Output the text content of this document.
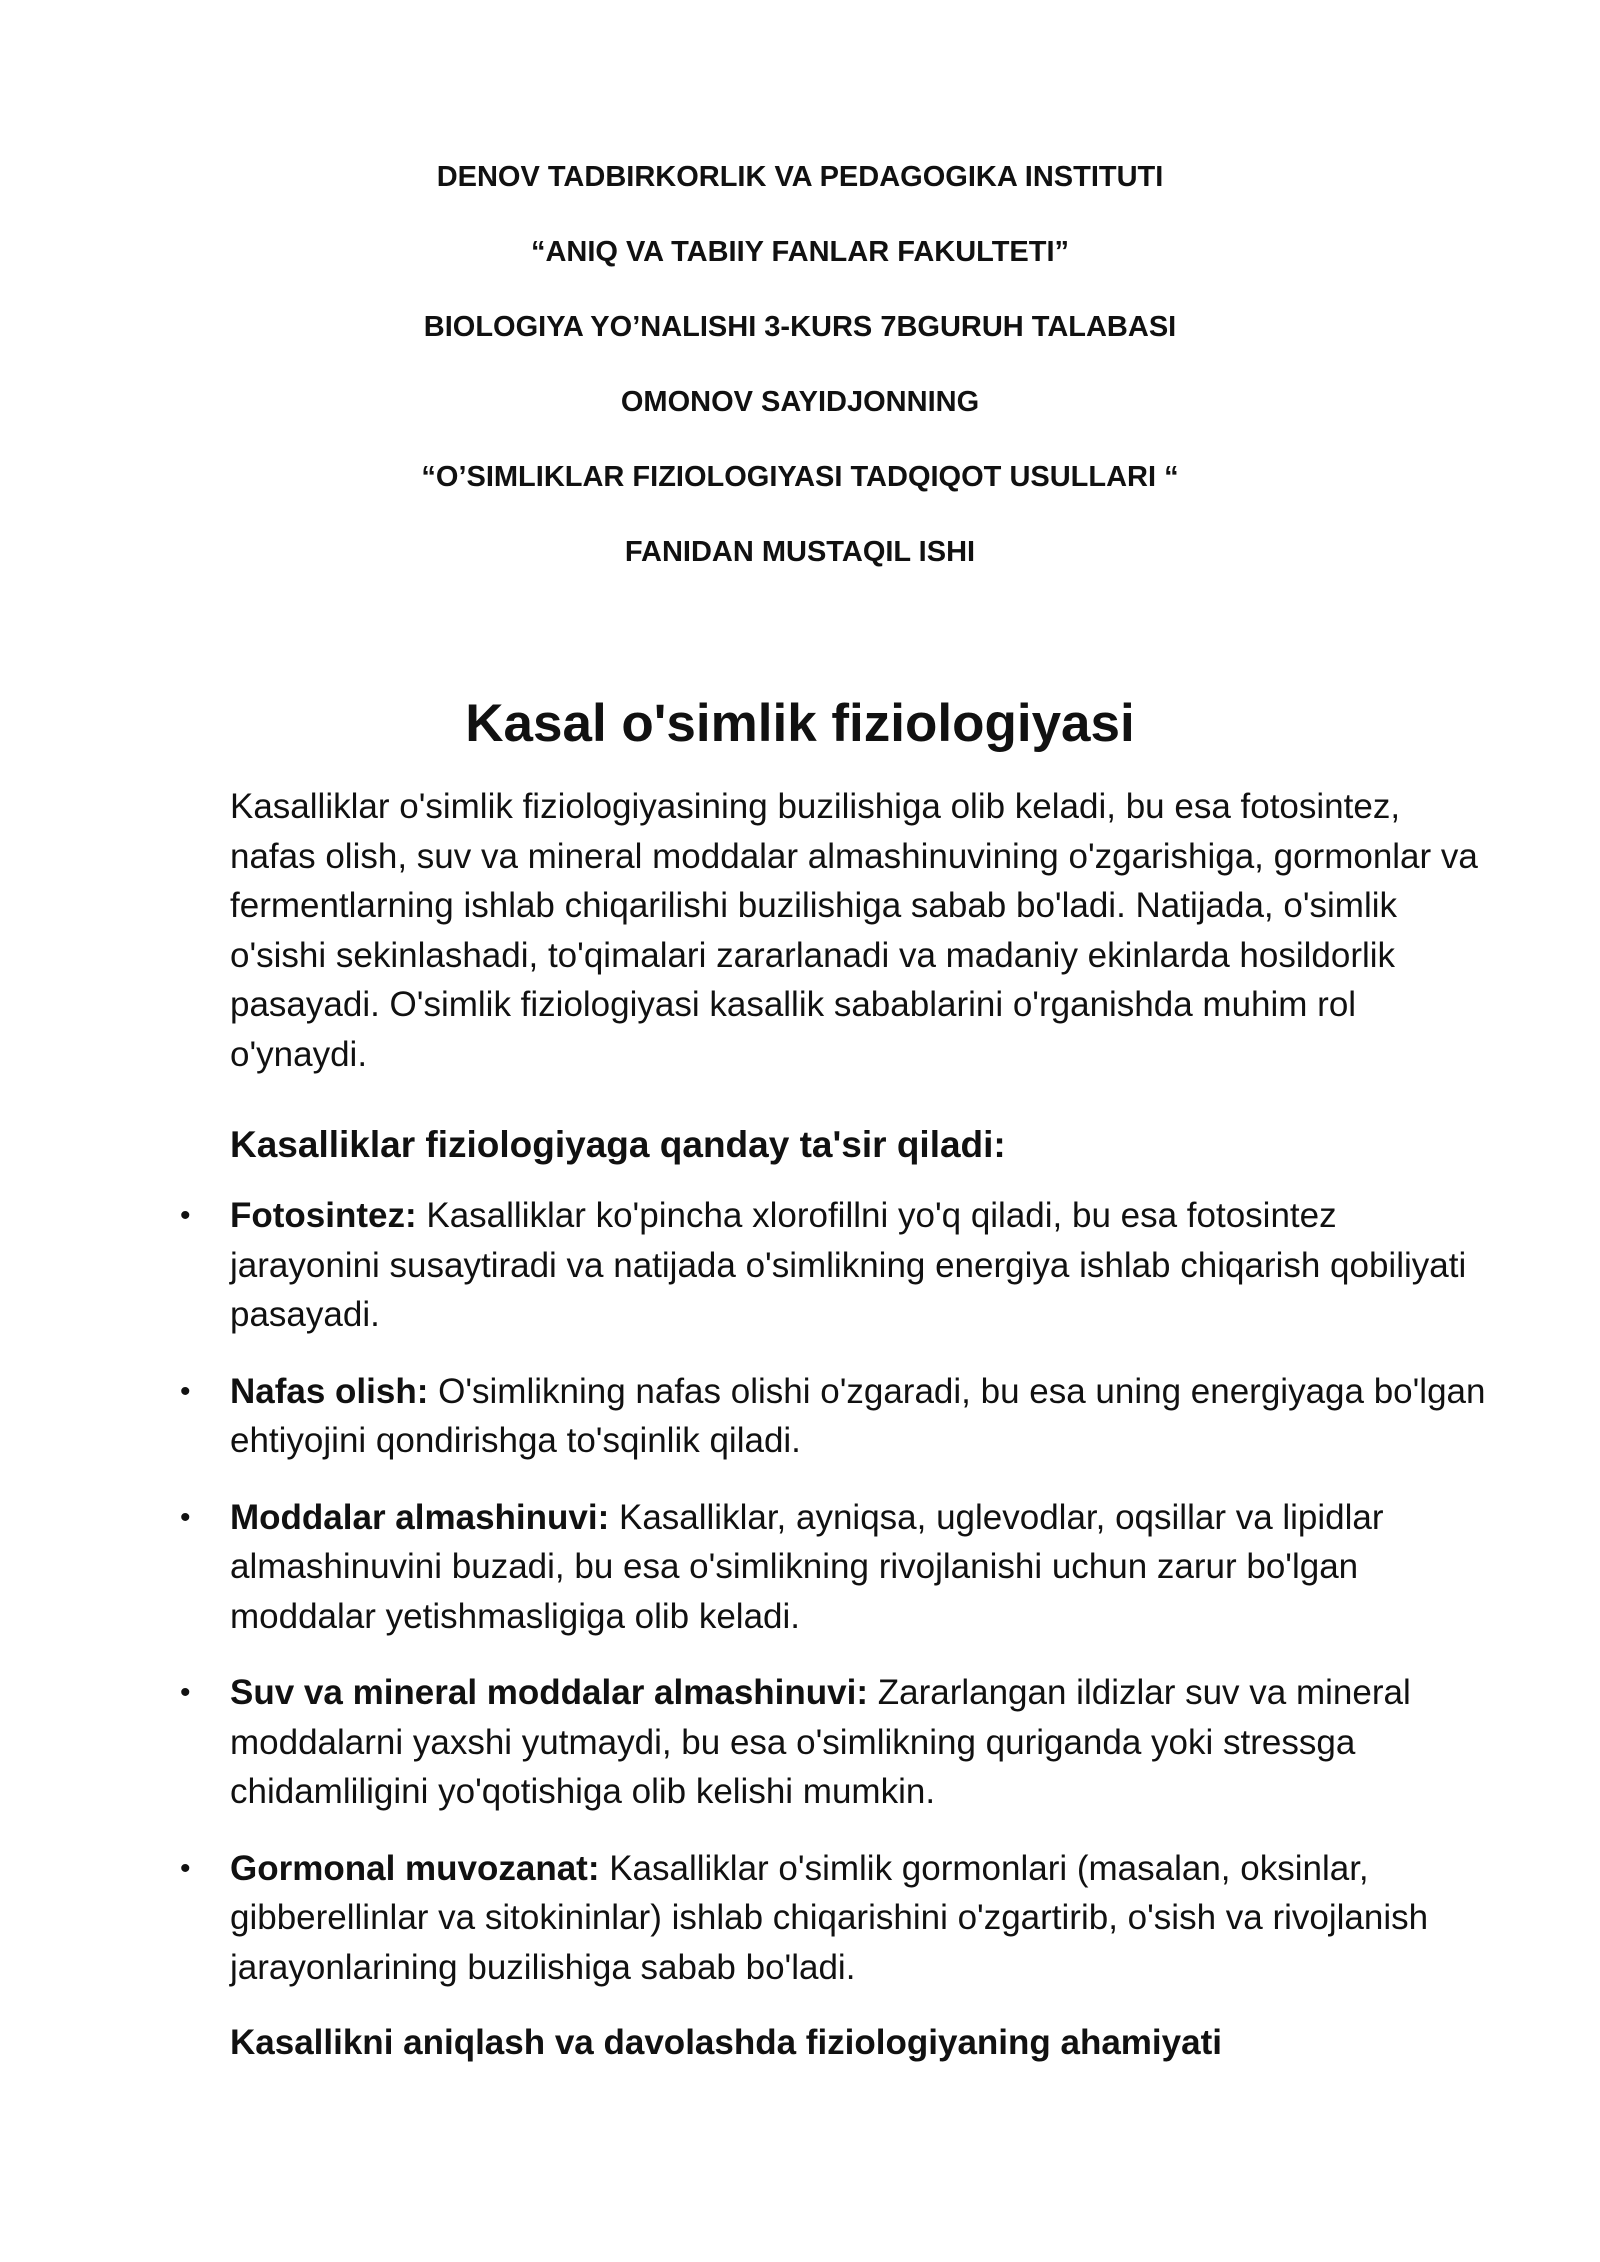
DENOV TADBIRKORLIK VA PEDAGOGIKA INSTITUTI
“ANIQ VA TABIIY FANLAR FAKULTETI”
BIOLOGIYA YO’NALISHI 3-KURS 7BGURUH TALABASI
OMONOV SAYIDJONNING
“O’SIMLIKLAR FIZIOLOGIYASI TADQIQOT USULLARI “
FANIDAN MUSTAQIL ISHI
Kasal o'simlik fiziologiyasi

Kasalliklar o'simlik fiziologiyasining buzilishiga olib keladi, bu esa fotosintez, nafas olish, suv va mineral moddalar almashinuvining o'zgarishiga, gormonlar va fermentlarning ishlab chiqarilishi buzilishiga sabab bo'ladi. Natijada, o'simlik o'sishi sekinlashadi, to'qimalari zararlanadi va madaniy ekinlarda hosildorlik pasayadi. O'simlik fiziologiyasi kasallik sabablarini o'rganishda muhim rol o'ynaydi.

Kasalliklar fiziologiyaga qanday ta'sir qiladi:
• Fotosintez: Kasalliklar ko'pincha xlorofillni yo'q qiladi, bu esa fotosintez jarayonini susaytiradi va natijada o'simlikning energiya ishlab chiqarish qobiliyati pasayadi.
• Nafas olish: O'simlikning nafas olishi o'zgaradi, bu esa uning energiyaga bo'lgan ehtiyojini qondirishga to'sqinlik qiladi.
• Moddalar almashinuvi: Kasalliklar, ayniqsa, uglevodlar, oqsillar va lipidlar almashinuvini buzadi, bu esa o'simlikning rivojlanishi uchun zarur bo'lgan moddalar yetishmasligiga olib keladi.
• Suv va mineral moddalar almashinuvi: Zararlangan ildizlar suv va mineral moddalarni yaxshi yutmaydi, bu esa o'simlikning quriganda yoki stressga chidamliligini yo'qotishiga olib kelishi mumkin.
• Gormonal muvozanat: Kasalliklar o'simlik gormonlari (masalan, oksinlar, gibberellinlar va sitokininlar) ishlab chiqarishini o'zgartirib, o'sish va rivojlanish jarayonlarining buzilishiga sabab bo'ladi.
Kasallikni aniqlash va davolashda fiziologiyaning ahamiyati
